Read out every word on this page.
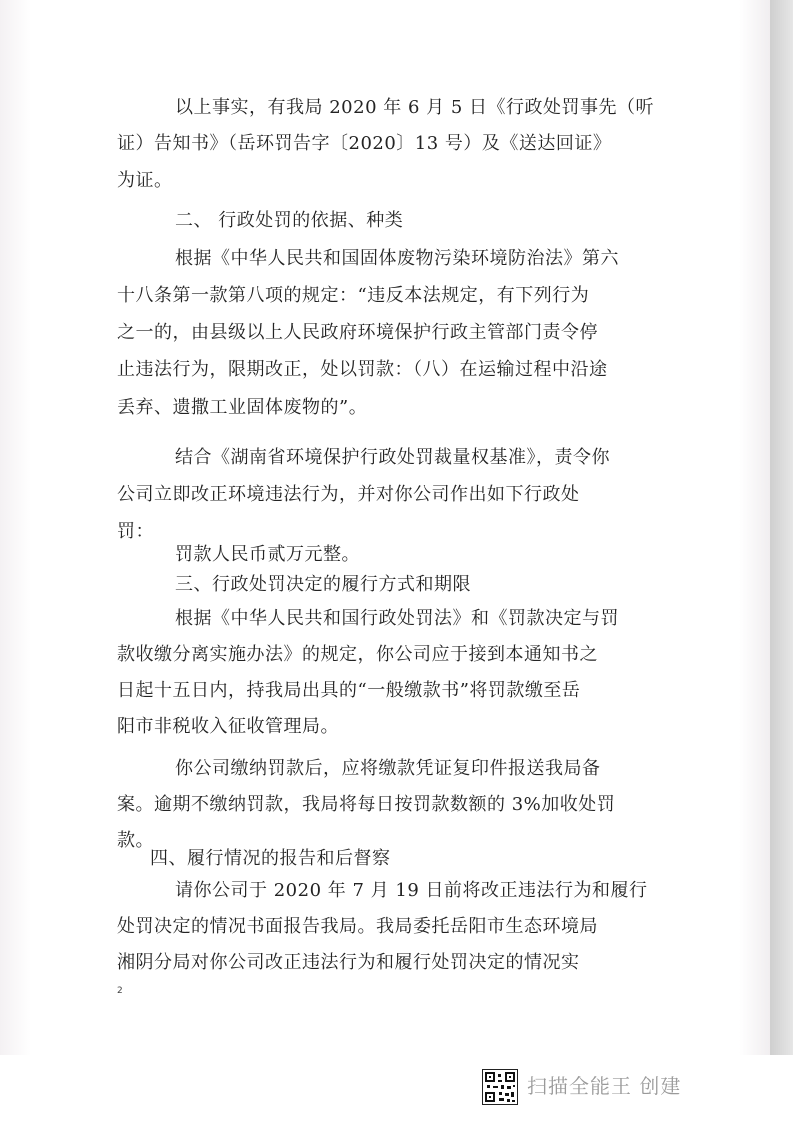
以上事实，有我局 2020 年 6 月 5 日《行政处罚事先（听
证）告知书》（岳环罚告字〔2020〕13 号）及《送达回证》
为证。
二、 行政处罚的依据、种类
根据《中华人民共和国固体废物污染环境防治法》第六
十八条第一款第八项的规定：“违反本法规定，有下列行为
之一的，由县级以上人民政府环境保护行政主管部门责令停
止违法行为，限期改正，处以罚款：（八）在运输过程中沿途
丢弃、遗撒工业固体废物的”。
结合《湖南省环境保护行政处罚裁量权基准》，责令你
公司立即改正环境违法行为，并对你公司作出如下行政处
罚：
罚款人民币贰万元整。
三、行政处罚决定的履行方式和期限
根据《中华人民共和国行政处罚法》和《罚款决定与罚
款收缴分离实施办法》的规定，你公司应于接到本通知书之
日起十五日内，持我局出具的“一般缴款书”将罚款缴至岳
阳市非税收入征收管理局。
你公司缴纳罚款后，应将缴款凭证复印件报送我局备
案。逾期不缴纳罚款，我局将每日按罚款数额的 3%加收处罚
款。
四、履行情况的报告和后督察
请你公司于 2020 年 7 月 19 日前将改正违法行为和履行
处罚决定的情况书面报告我局。我局委托岳阳市生态环境局
湘阴分局对你公司改正违法行为和履行处罚决定的情况实
2
扫描全能王 创建
